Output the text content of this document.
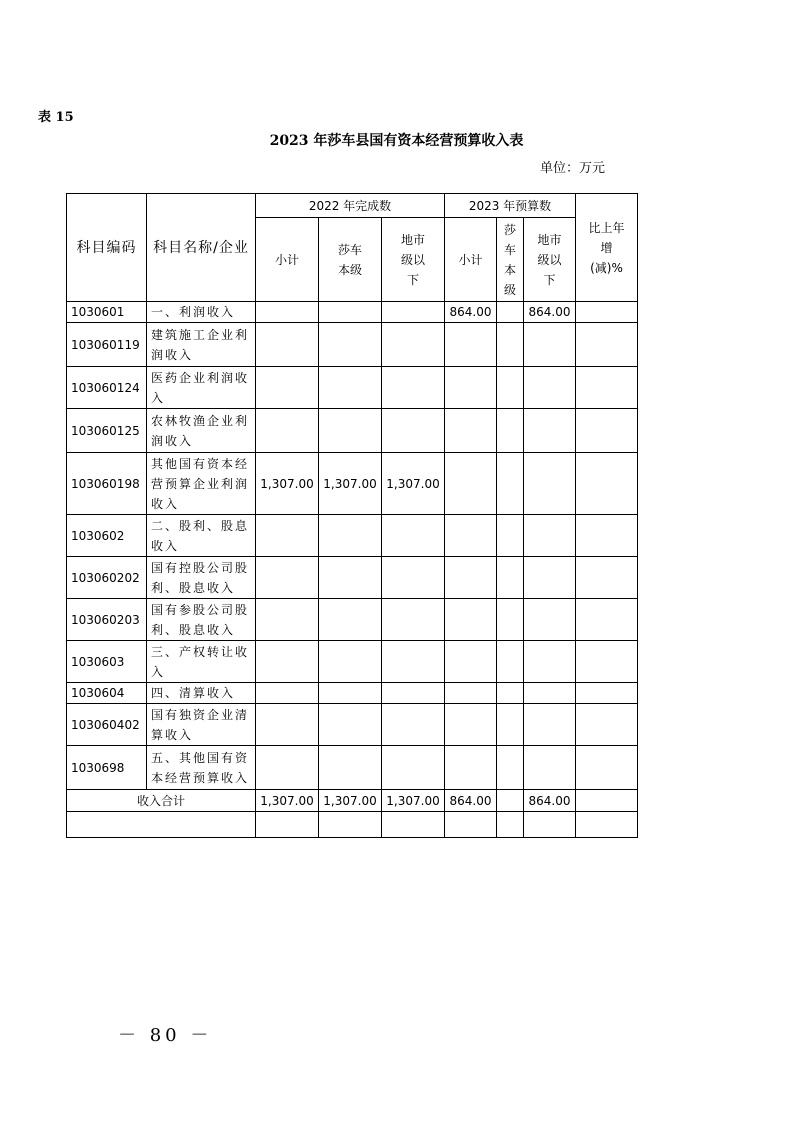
表 15
2023 年莎车县国有资本经营预算收入表
单位：万元
科目编码	科目名称/企业	2022 年完成数			2023 年预算数			比上年增(减)%
		小计	莎车本级	地市级以下	小计	莎车本级	地市级以下	
1030601	一、利润收入				864.00		864.00	
103060119	建筑施工企业利润收入							
103060124	医药企业利润收入							
103060125	农林牧渔企业利润收入							
103060198	其他国有资本经营预算企业利润收入	1,307.00	1,307.00	1,307.00				
1030602	二、股利、股息收入							
103060202	国有控股公司股利、股息收入							
103060203	国有参股公司股利、股息收入							
1030603	三、产权转让收入							
1030604	四、清算收入							
103060402	国有独资企业清算收入							
1030698	五、其他国有资本经营预算收入							
收入合计		1,307.00	1,307.00	1,307.00	864.00		864.00	

－ 80 －
